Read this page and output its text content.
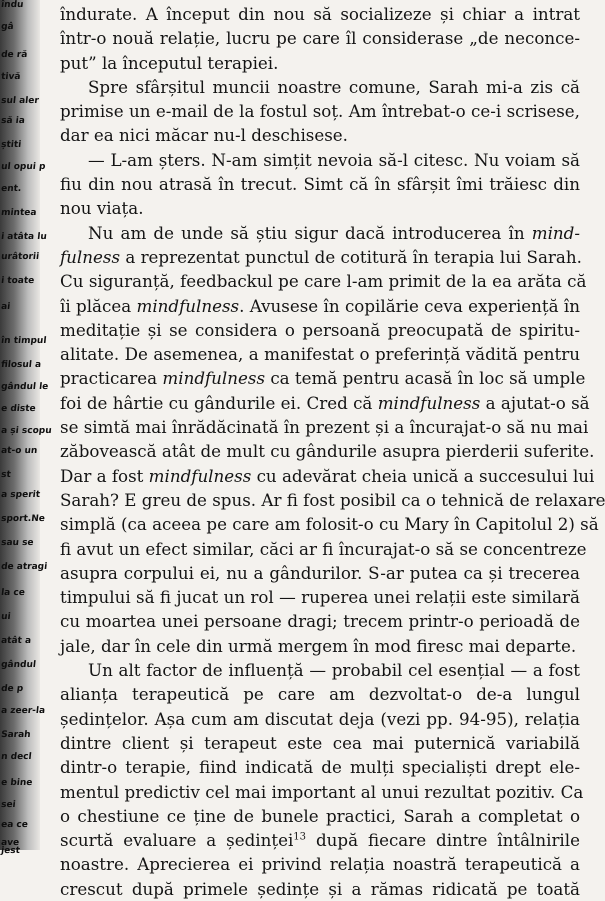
îndu
gâ
de ră
tivă
sul aler
să ia
știti
ul opui p
ent.
mintea
i atâta lu
urâtorii
i toate
ai
în timpul
filosul a
gândul le
e diste
a și scopu
at-o un
st
a sperit
sport.Ne
sau se
de atragi
la ce
ui
atât a
gândul
de p
a zeer-la
Sarah
n decl
e bine
sei
ea ce
ave
jest

îndurate. A început din nou să socializeze și chiar a intrat
într-o nouă relație, lucru pe care îl considerase „de neconce-
put” la începutul terapiei.

Spre sfârșitul muncii noastre comune, Sarah mi-a zis că
primise un e-mail de la fostul soț. Am întrebat-o ce-i scrisese,
dar ea nici măcar nu-l deschisese.

— L-am șters. N-am simțit nevoia să-l citesc. Nu voiam să
fiu din nou atrasă în trecut. Simt că în sfârșit îmi trăiesc din
nou viața.

Nu am de unde să știu sigur dacă introducerea în mind-
fulness a reprezentat punctul de cotitură în terapia lui Sarah.
Cu siguranță, feedbackul pe care l-am primit de la ea arăta că
îi plăcea mindfulness. Avusese în copilărie ceva experiență în
meditație și se considera o persoană preocupată de spiritu-
alitate. De asemenea, a manifestat o preferință vădită pentru
practicarea mindfulness ca temă pentru acasă în loc să umple
foi de hârtie cu gândurile ei. Cred că mindfulness a ajutat-o să
se simtă mai înrădăcinată în prezent și a încurajat-o să nu mai
zăbovească atât de mult cu gândurile asupra pierderii suferite.
Dar a fost mindfulness cu adevărat cheia unică a succesului lui
Sarah? E greu de spus. Ar fi fost posibil ca o tehnică de relaxare
simplă (ca aceea pe care am folosit-o cu Mary în Capitolul 2) să
fi avut un efect similar, căci ar fi încurajat-o să se concentreze
asupra corpului ei, nu a gândurilor. S-ar putea ca și trecerea
timpului să fi jucat un rol — ruperea unei relații este similară
cu moartea unei persoane dragi; trecem printr-o perioadă de
jale, dar în cele din urmă mergem în mod firesc mai departe.

Un alt factor de influență — probabil cel esențial — a fost
alianța terapeutică pe care am dezvoltat-o de-a lungul
ședințelor. Așa cum am discutat deja (vezi pp. 94-95), relația
dintre client și terapeut este cea mai puternică variabilă
dintr-o terapie, fiind indicată de mulți specialiști drept ele-
mentul predictiv cel mai important al unui rezultat pozitiv. Ca
o chestiune ce ține de bunele practici, Sarah a completat o
scurtă evaluare a ședinței$^{13}$ după fiecare dintre întâlnirile
noastre. Aprecierea ei privind relația noastră terapeutică a
crescut după primele ședințe și a rămas ridicată pe toată
